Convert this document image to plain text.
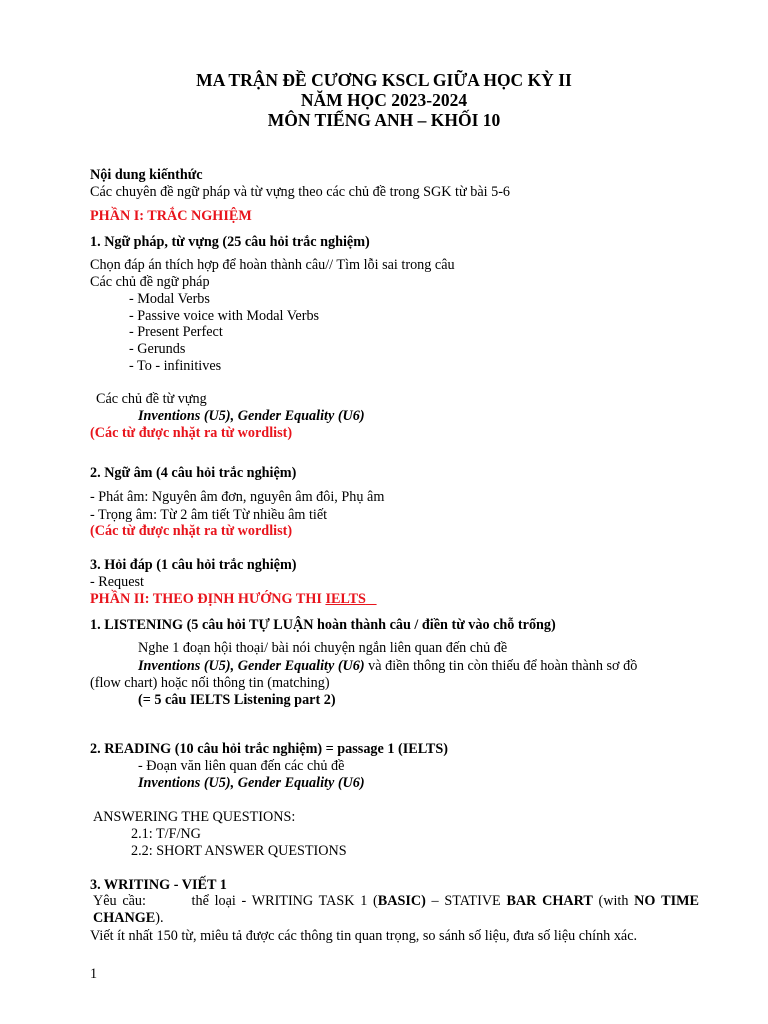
MA TRẬN ĐỀ CƯƠNG KSCL GIỮA HỌC KỲ II
NĂM HỌC 2023-2024
MÔN TIẾNG ANH – KHỐI 10
Nội dung kiếnthức
Các chuyên đề ngữ pháp và từ vựng theo các chủ đề trong SGK từ bài 5-6
PHẦN I: TRẮC NGHIỆM
1. Ngữ pháp, từ vựng (25 câu hỏi trắc nghiệm)
Chọn đáp án thích hợp để hoàn thành câu// Tìm lỗi sai trong câu
Các chủ đề ngữ pháp
- Modal Verbs
- Passive voice with Modal Verbs
- Present Perfect
- Gerunds
- To - infinitives
Các chủ đề từ vựng
Inventions (U5), Gender Equality (U6)
(Các từ được nhặt ra từ wordlist)
2. Ngữ âm (4 câu hỏi trắc nghiệm)
- Phát âm: Nguyên âm đơn, nguyên âm đôi, Phụ âm
- Trọng âm: Từ 2 âm tiết Từ nhiều âm tiết
(Các từ được nhặt ra từ wordlist)
3. Hỏi đáp (1 câu hỏi trắc nghiệm)
- Request
PHẦN II: THEO ĐỊNH HƯỚNG THI IELTS
1. LISTENING (5 câu hỏi TỰ LUẬN hoàn thành câu / điền từ vào chỗ trống)
Nghe 1 đoạn hội thoại/ bài nói chuyện ngắn liên quan đến chủ đề
Inventions (U5), Gender Equality (U6) và điền thông tin còn thiếu để hoàn thành sơ đồ
(flow chart) hoặc nối thông tin (matching)
(= 5 câu IELTS Listening part 2)
2. READING (10 câu hỏi trắc nghiệm) = passage 1 (IELTS)
- Đoạn văn liên quan đến các chủ đề
Inventions (U5), Gender Equality (U6)
ANSWERING THE QUESTIONS:
2.1: T/F/NG
2.2: SHORT ANSWER QUESTIONS
3. WRITING - VIẾT 1
Yêu cầu:	thể loại - WRITING TASK 1 (BASIC) – STATIVE BAR CHART (with NO TIME CHANGE).
Viết ít nhất 150 từ, miêu tả được các thông tin quan trọng, so sánh số liệu, đưa số liệu chính xác.
1
